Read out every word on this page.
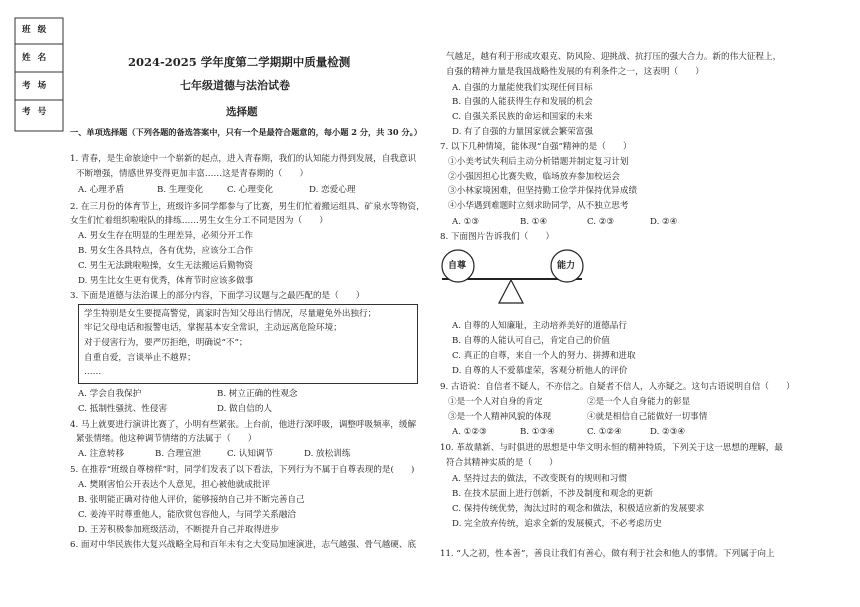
班 级
姓 名
考 场
考 号
2024-2025 学年度第二学期期中质量检测
七年级道德与法治试卷
选择题
一、单项选择题（下列各题的备选答案中，只有一个是最符合题意的，每小题 2 分，共 30 分。）
1. 青春，是生命旅途中一个崭新的起点，进入青春期，我们的认知能力得到发展，自我意识
不断增强，情感世界变得更加丰富……这是青春期的（　　）
A. 心理矛盾	B. 生理变化	C. 心理变化	D. 恋爱心理
2. 在三月份的体育节上，班级许多同学都参与了比赛，男生们忙着搬运组具、矿泉水等物资，
女生们忙着组织啦啦队的排练……男生女生分工不同是因为（　　）
A. 男女生存在明显的生理差异，必须分开工作
B. 男女生各具特点，各有优势，应该分工合作
C. 男生无法跳啦啦操，女生无法搬运后勤物资
D. 男生比女生更有优秀，体育节时应该多做事
3. 下面是道德与法治课上的部分内容，下面学习议题与之最匹配的是（　　）
学生特别是女生要提高警觉，离家时告知父母出行情况，尽量避免外出独行；
牢记父母电话和报警电话，掌握基本安全常识，主动远离危险环境；
对于侵害行为，要严厉拒绝，明确说“不”；
自重自爱，言谈举止不越界；
……
A. 学会自我保护	B. 树立正确的性观念
C. 抵制性骚扰、性侵害	D. 做自信的人
4. 马上就要进行演讲比赛了，小明有些紧张。上台前，他进行深呼吸，调整呼吸频率，缓解
紧张情绪。他这种调节情绪的方法属于（　　）
A. 注意转移	B. 合理宣泄	C. 认知调节	D. 放松训练
5. 在推荐“班级自尊榜样”时，同学们发表了以下看法，下列行为不属于自尊表现的是(　　)
A. 樊刚害怕公开表达个人意见，担心被他就成批评
B. 张明能正确对待他人评价，能够接纳自己并不断完善自己
C. 姜涛平时尊重他人，能欣赏包容他人，与同学关系融洽
D. 王芳积极参加班级活动，不断提升自己并取得进步
6. 面对中华民族伟大复兴战略全局和百年未有之大变局加速演进，志气越强、骨气越硬、底
气越足，越有利于形成攻艰克、防风险、迎挑战、抗打压的强大合力。新的伟大征程上，
自强的精神力量是我国战略性发展的有利条件之一，这表明（　　）
A. 自强的力量能使我们实现任何目标
B. 自强的人能获得生存和发展的机会
C. 自强关系民族的命运和国家的未来
D. 有了自强的力量国家就会繁荣富强
7. 以下几种情境，能体现“自强”精神的是（　　）
①小美考试失利后主动分析错题并制定复习计划
②小强因担心比赛失败，临场放弃参加校运会
③小林家境困难，但坚持勤工俭学并保持优异成绩
④小华遇到难题时立刻求助同学，从不独立思考
A. ①③	B. ①④	C. ②③	D. ②④
8. 下面图片告诉我们（　　）
自尊	能力
A. 自尊的人知廉耻，主动培养美好的道德品行
B. 自尊的人能认可自己，肯定自己的价值
C. 真正的自尊，来自一个人的努力、拼搏和进取
D. 自尊的人不爱慕虚荣，客观分析他人的评价
9. 古语说：自信者不疑人，不亦信之。自疑者不信人，人亦疑之。这句古语说明自信（　　）
①是一个人对自身的肯定	②是一个人自身能力的彰显
③是一个人精神风貌的体现	④就是相信自己能做好一切事情
A. ①②③	B. ①③④	C. ①②④	D. ②③④
10. 革故鼎新、与时俱进的思想是中华文明永恒的精神特质，下列关于这一思想的理解，最
符合其精神实质的是（　　）
A. 坚持过去的做法，不改变既有的规则和习惯
B. 在技术层面上进行创新，不涉及制度和观念的更新
C. 保持传统优势，淘汰过时的观念和做法，积极适应新的发展要求
D. 完全放弃传统，追求全新的发展模式，不必考虑历史
11. “人之初，性本善”，善良让我们有善心，做有利于社会和他人的事情。下列属于向上
